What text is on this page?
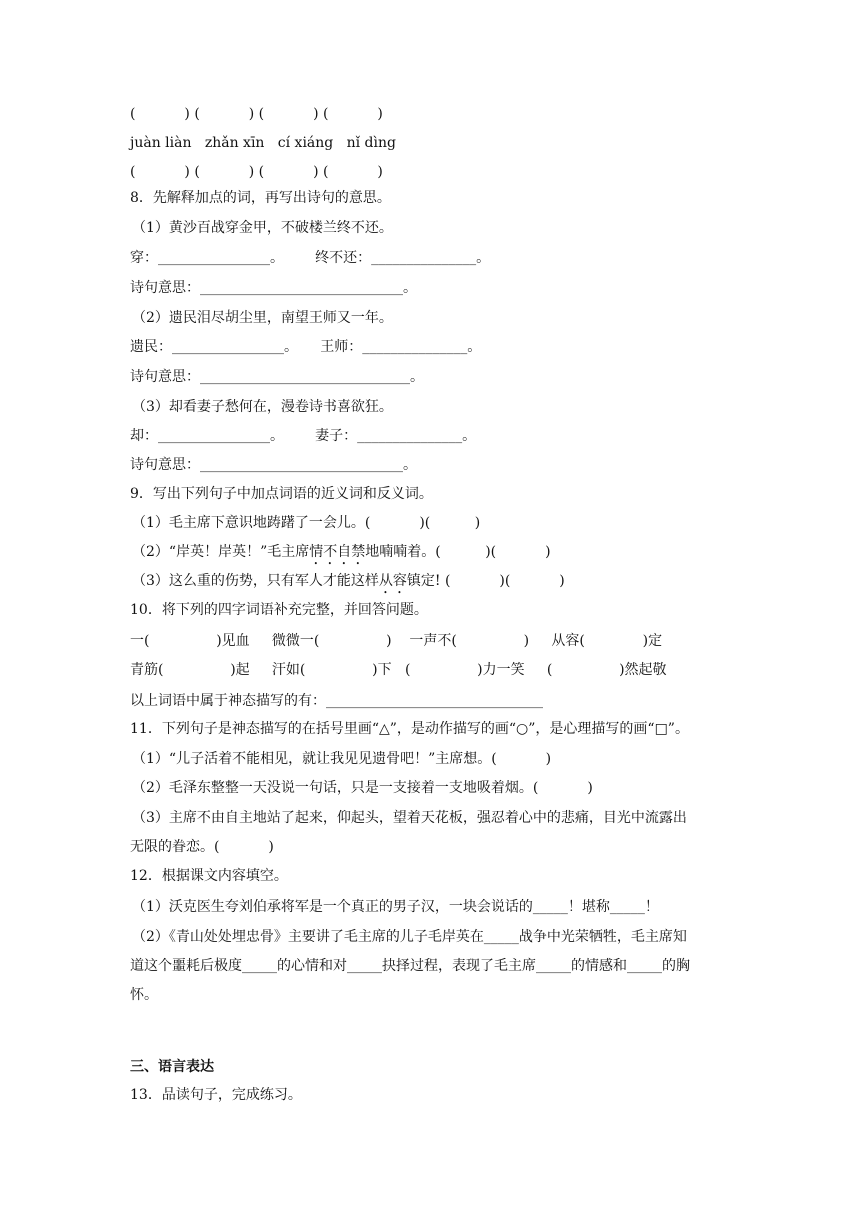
(           ) (           ) (           ) (           )
juàn liàn   zhǎn xīn   cí xiáng   nǐ dìng
(           ) (           ) (           ) (           )
8．先解释加点的词，再写出诗句的意思。
（1）黄沙百战穿金甲，不破楼兰终不还。
穿：________________。       终不还：_______________。
诗句意思：_____________________________。
（2）遗民泪尽胡尘里，南望王师又一年。
遗民：________________。     王师：_______________。
诗句意思：______________________________。
（3）却看妻子愁何在，漫卷诗书喜欲狂。
却：________________。       妻子：_______________。
诗句意思：_____________________________。
9．写出下列句子中加点词语的近义词和反义词。
（1）毛主席下意识地踌躇了一会儿。(           )(          )
（2）“岸英！岸英！”毛主席情不自禁地喃喃着。(          )(           )
（3）这么重的伤势，只有军人才能这样从容镇定! (           )(           )
10．将下列的四字词语补充完整，并回答问题。
一(               )见血     微微一(               )    一声不(               )     从容(             )定
青筋(               )起     汗如(               )下   (               )力一笑     (               )然起敬
以上词语中属于神态描写的有：_______________________________
11．下列句子是神态描写的在括号里画“△”，是动作描写的画“○”，是心理描写的画“□”。
（1）“儿子活着不能相见，就让我见见遗骨吧！”主席想。(           )
（2）毛泽东整整一天没说一句话，只是一支接着一支地吸着烟。(           )
（3）主席不由自主地站了起来，仰起头，望着天花板，强忍着心中的悲痛，目光中流露出
无限的眷恋。(           )
12．根据课文内容填空。
（1）沃克医生夸刘伯承将军是一个真正的男子汉，一块会说话的_____！堪称_____！
（2）《青山处处埋忠骨》主要讲了毛主席的儿子毛岸英在_____战争中光荣牺牲，毛主席知
道这个噩耗后极度_____的心情和对_____抉择过程，表现了毛主席_____的情感和_____的胸
怀。
三、语言表达
13．品读句子，完成练习。
